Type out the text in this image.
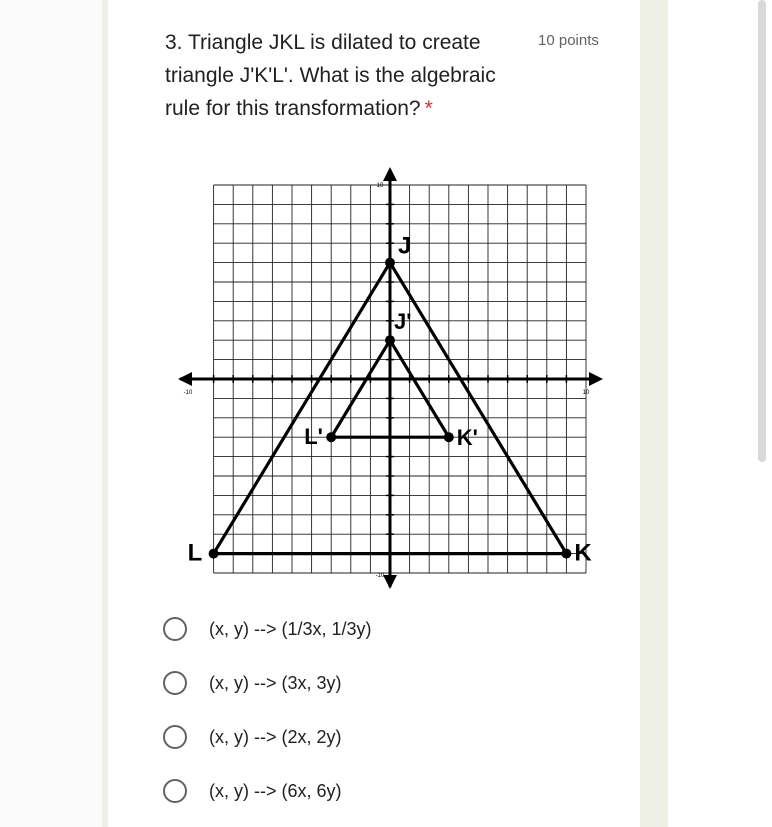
3. Triangle JKL is dilated to create triangle J'K'L'. What is the algebraic rule for this transformation? *
10 points
-10	10
10
-10
J
K
L
J'
K'
L'
(x, y) --> (1/3x, 1/3y)
(x, y) --> (3x, 3y)
(x, y) --> (2x, 2y)
(x, y) --> (6x, 6y)
